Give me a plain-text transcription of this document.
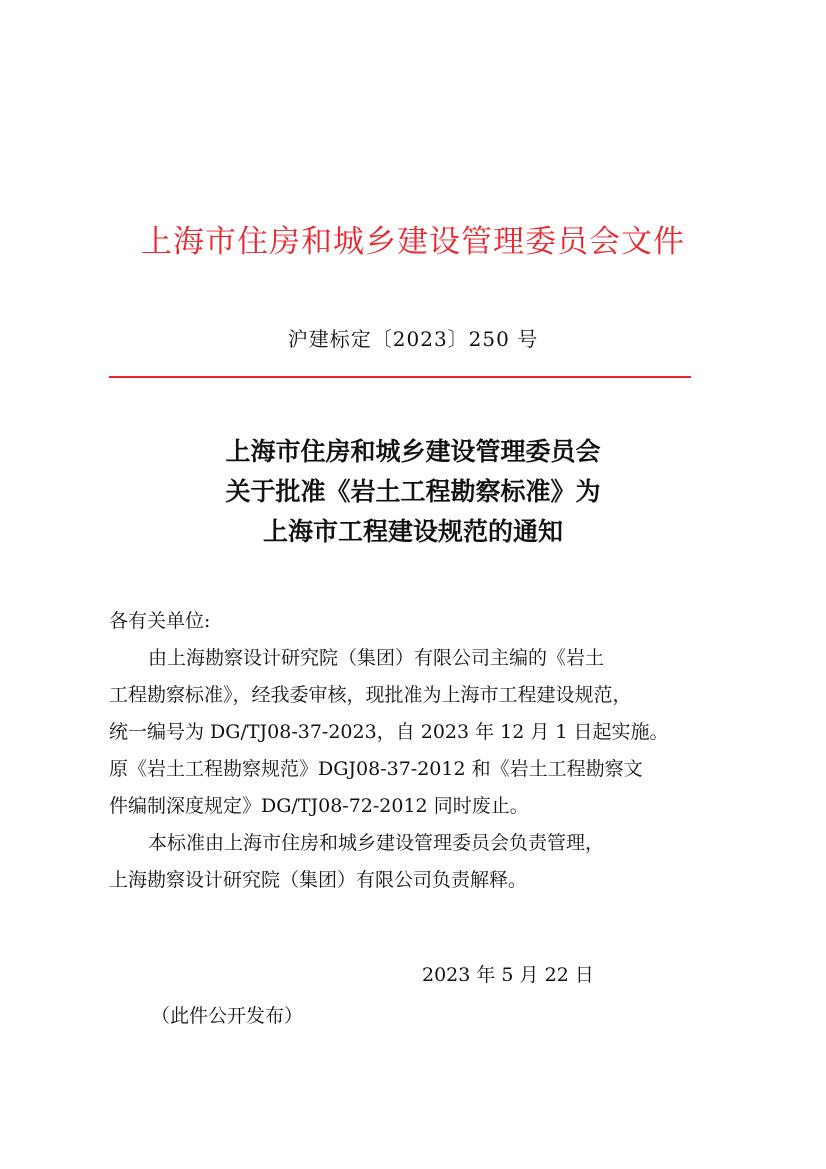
上海市住房和城乡建设管理委员会文件
沪建标定〔2023〕250 号
上海市住房和城乡建设管理委员会
关于批准《岩土工程勘察标准》为
上海市工程建设规范的通知
各有关单位:
由上海勘察设计研究院（集团）有限公司主编的《岩土
工程勘察标准》，经我委审核，现批准为上海市工程建设规范，
统一编号为 DG/TJ08-37-2023，自 2023 年 12 月 1 日起实施。
原《岩土工程勘察规范》DGJ08-37-2012 和《岩土工程勘察文
件编制深度规定》DG/TJ08-72-2012 同时废止。
本标准由上海市住房和城乡建设管理委员会负责管理，
上海勘察设计研究院（集团）有限公司负责解释。
2023 年 5 月 22 日
（此件公开发布）
